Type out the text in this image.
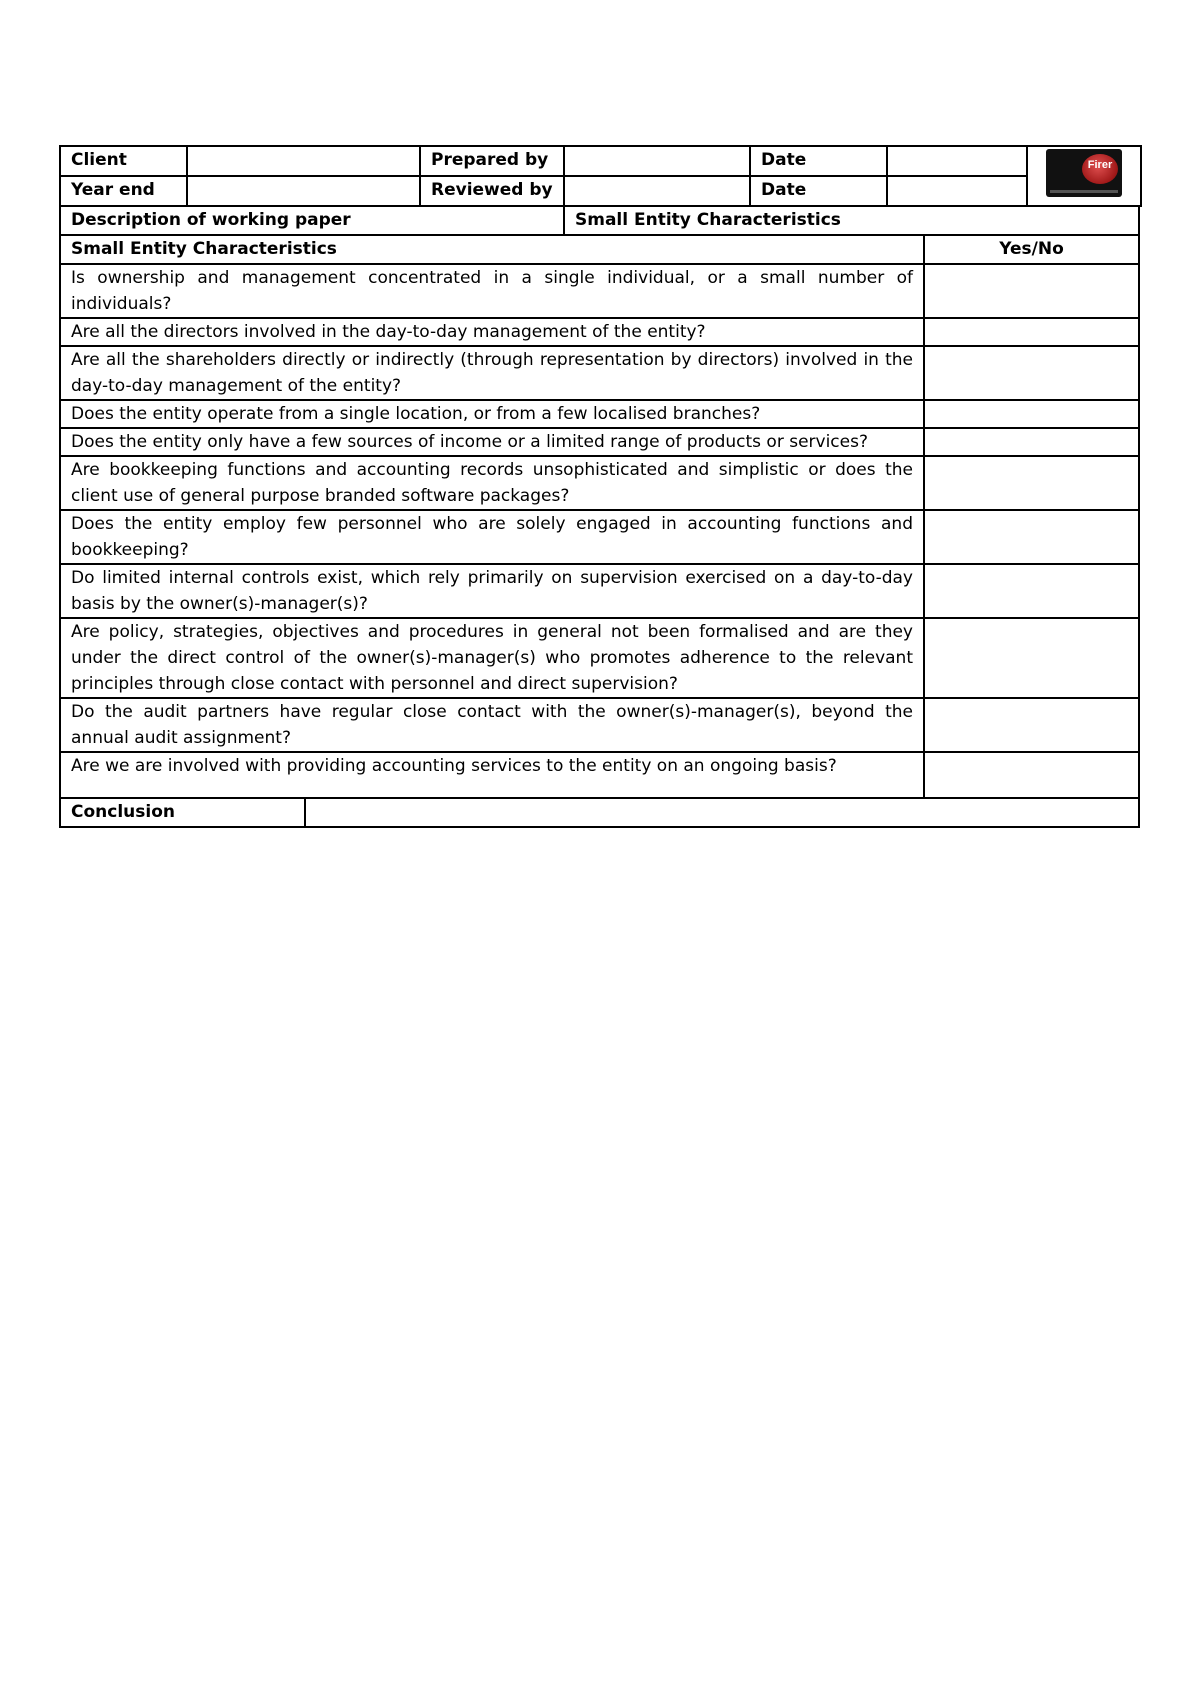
Client		Prepared by		Date		Firer

Year end		Reviewed by		Date		
Description of working paper	Small Entity Characteristics
Small Entity Characteristics	Yes/No
Is ownership and management concentrated in a single individual, or a small number of individuals?	
Are all the directors involved in the day-to-day management of the entity?	
Are all the shareholders directly or indirectly (through representation by directors) involved in the day-to-day management of the entity?	
Does the entity operate from a single location, or from a few localised branches?	
Does the entity only have a few sources of income or a limited range of products or services?	
Are bookkeeping functions and accounting records unsophisticated and simplistic or does the client use of general purpose branded software packages?	
Does the entity employ few personnel who are solely engaged in accounting functions and bookkeeping?	
Do limited internal controls exist, which rely primarily on supervision exercised on a day-to-day basis by the owner(s)-manager(s)?	
Are policy, strategies, objectives and procedures in general not been formalised and are they under the direct control of the owner(s)-manager(s) who promotes adherence to the relevant principles through close contact with personnel and direct supervision?	
Do the audit partners have regular close contact with the owner(s)-manager(s), beyond the annual audit assignment?	
Are we are involved with providing accounting services to the entity on an ongoing basis?	
Conclusion	
